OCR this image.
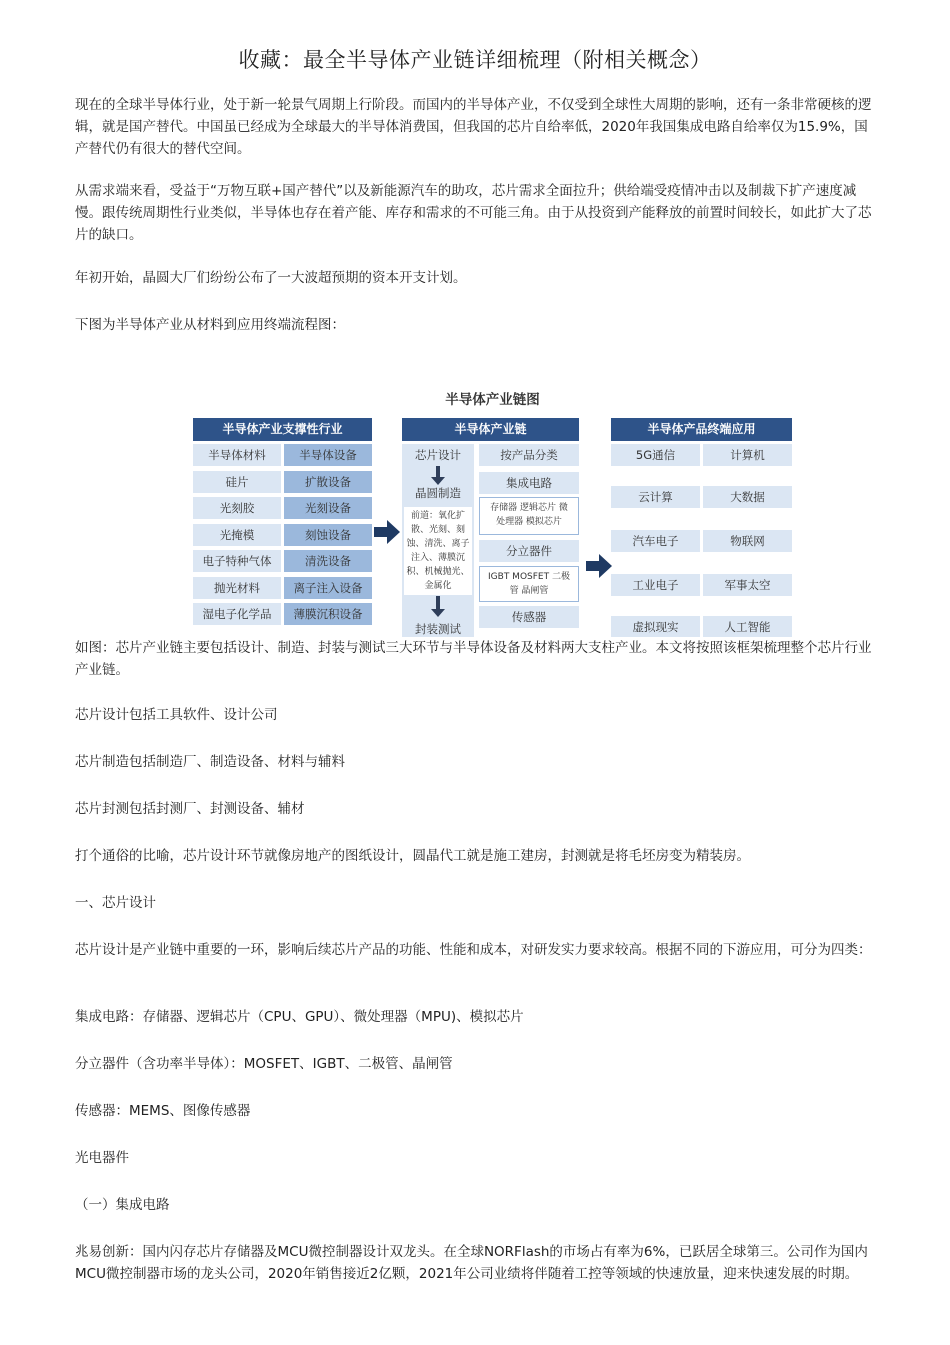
收藏：最全半导体产业链详细梳理（附相关概念）

现在的全球半导体行业，处于新一轮景气周期上行阶段。而国内的半导体产业，不仅受到全球性大周期的影响，还有一条非常硬核的逻辑，就是国产替代。中国虽已经成为全球最大的半导体消费国，但我国的芯片自给率低，2020年我国集成电路自给率仅为15.9%，国产替代仍有很大的替代空间。

从需求端来看，受益于“万物互联+国产替代”以及新能源汽车的助攻，芯片需求全面拉升；供给端受疫情冲击以及制裁下扩产速度减慢。跟传统周期性行业类似，半导体也存在着产能、库存和需求的不可能三角。由于从投资到产能释放的前置时间较长，如此扩大了芯片的缺口。

年初开始，晶圆大厂们纷纷公布了一大波超预期的资本开支计划。

下图为半导体产业从材料到应用终端流程图：

半导体产业链图
半导体产业支撑性行业	半导体产业链
芯片设计
晶圆制造
前道：氧化扩散、光刻、刻蚀、清洗、离子注入、薄膜沉积、机械抛光、金属化
封装测试
按产品分类
集成电路
存储器 逻辑芯片 微处理器 模拟芯片
分立器件
IGBT MOSFET 二极管 晶闸管
传感器
半导体产品终端应用
半导体材料	半导体设备
硅片	扩散设备
光刻胶	光刻设备
光掩模	刻蚀设备
电子特种气体	清洗设备
抛光材料	离子注入设备
湿电子化学品	薄膜沉积设备
5G通信	计算机
云计算	大数据
汽车电子	物联网
工业电子	军事太空
虚拟现实	人工智能

如图：芯片产业链主要包括设计、制造、封装与测试三大环节与半导体设备及材料两大支柱产业。本文将按照该框架梳理整个芯片行业产业链。

芯片设计包括工具软件、设计公司

芯片制造包括制造厂、制造设备、材料与辅料

芯片封测包括封测厂、封测设备、辅材

打个通俗的比喻，芯片设计环节就像房地产的图纸设计，圆晶代工就是施工建房，封测就是将毛坯房变为精装房。

一、芯片设计

芯片设计是产业链中重要的一环，影响后续芯片产品的功能、性能和成本，对研发实力要求较高。根据不同的下游应用，可分为四类：

集成电路：存储器、逻辑芯片（CPU、GPU）、微处理器（MPU)、模拟芯片

分立器件（含功率半导体）：MOSFET、IGBT、二极管、晶闸管

传感器：MEMS、图像传感器

光电器件

（一）集成电路

兆易创新：国内闪存芯片存储器及MCU微控制器设计双龙头。在全球NORFlash的市场占有率为6%，已跃居全球第三。公司作为国内MCU微控制器市场的龙头公司，2020年销售接近2亿颗，2021年公司业绩将伴随着工控等领域的快速放量，迎来快速发展的时期。
